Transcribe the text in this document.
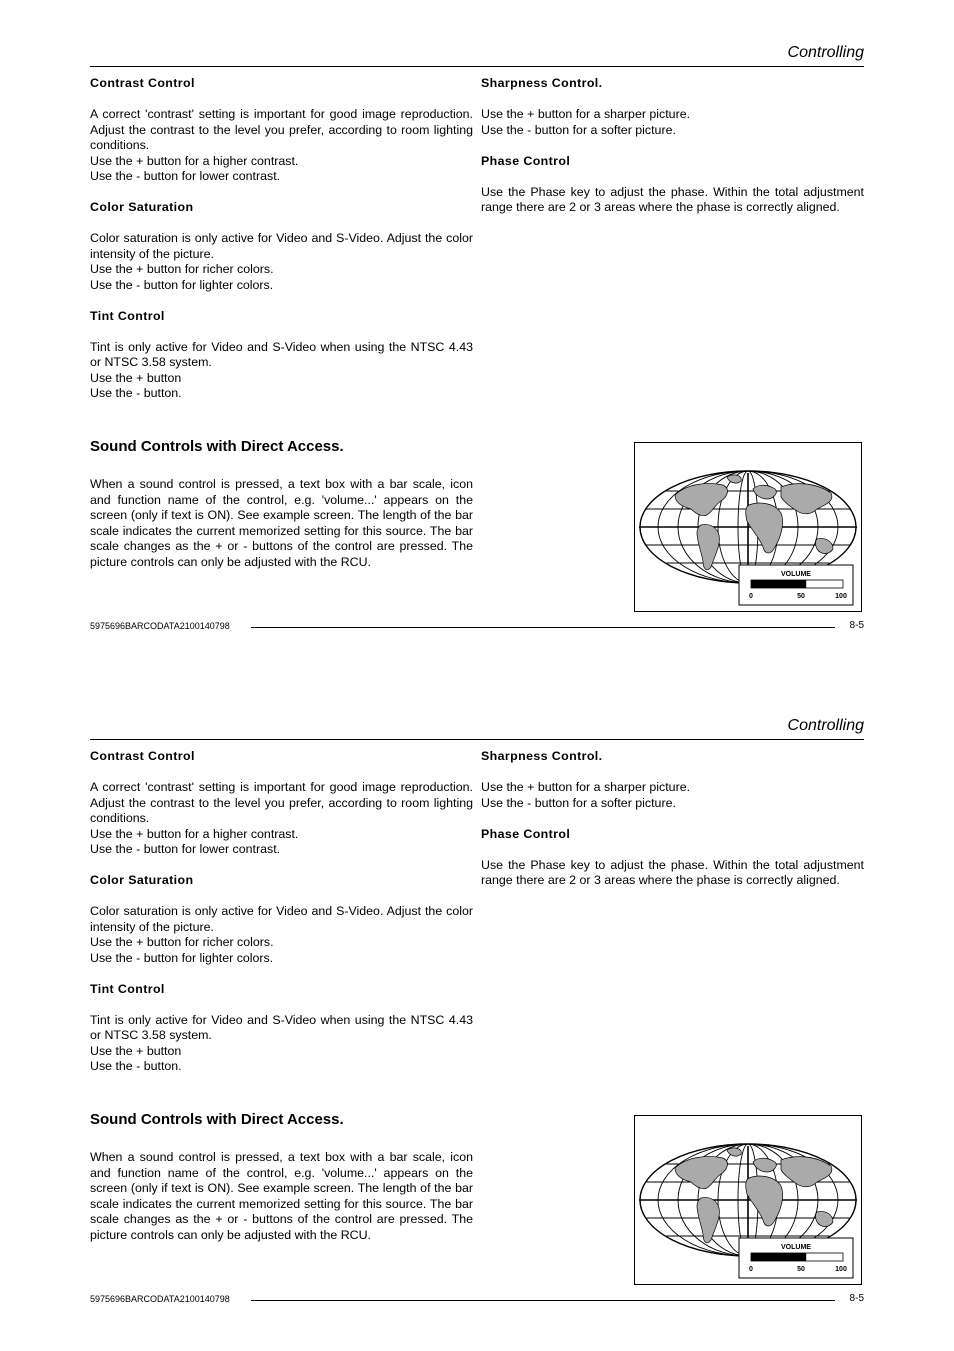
Controlling
Contrast Control
A correct 'contrast' setting is important for good image reproduction. Adjust the contrast to the level you prefer, according to room lighting conditions.
Use the + button for a higher contrast.
Use the - button for lower contrast.
Color Saturation
Color saturation is only active for Video and S-Video. Adjust the color intensity of the picture.
Use the + button for richer colors.
Use the - button for lighter colors.
Tint Control
Tint is only active for Video and S-Video when using the NTSC 4.43 or NTSC 3.58 system.
Use the + button
Use the - button.
Sharpness Control.
Use the + button for a sharper picture.
Use the - button for a softer picture.
Phase Control
Use the Phase key to adjust the phase. Within the total adjustment range there are 2 or 3 areas where the phase is correctly aligned.
Sound Controls with Direct Access.
When a sound control is pressed, a text box with a bar scale, icon and function name of the control, e.g. 'volume...' appears on the screen (only if text is ON). See example screen. The length of the bar scale indicates the current memorized setting for this source. The bar scale changes as the + or - buttons of the control are pressed. The picture controls can only be adjusted with the RCU.
VOLUME
0	50	100
5975696BARCODATA2100140798	8-5
Controlling
Contrast Control
A correct 'contrast' setting is important for good image reproduction. Adjust the contrast to the level you prefer, according to room lighting conditions.
Use the + button for a higher contrast.
Use the - button for lower contrast.
Color Saturation
Color saturation is only active for Video and S-Video. Adjust the color intensity of the picture.
Use the + button for richer colors.
Use the - button for lighter colors.
Tint Control
Tint is only active for Video and S-Video when using the NTSC 4.43 or NTSC 3.58 system.
Use the + button
Use the - button.
Sharpness Control.
Use the + button for a sharper picture.
Use the - button for a softer picture.
Phase Control
Use the Phase key to adjust the phase. Within the total adjustment range there are 2 or 3 areas where the phase is correctly aligned.
Sound Controls with Direct Access.
When a sound control is pressed, a text box with a bar scale, icon and function name of the control, e.g. 'volume...' appears on the screen (only if text is ON). See example screen. The length of the bar scale indicates the current memorized setting for this source. The bar scale changes as the + or - buttons of the control are pressed. The picture controls can only be adjusted with the RCU.
VOLUME
0	50	100
5975696BARCODATA2100140798	8-5
